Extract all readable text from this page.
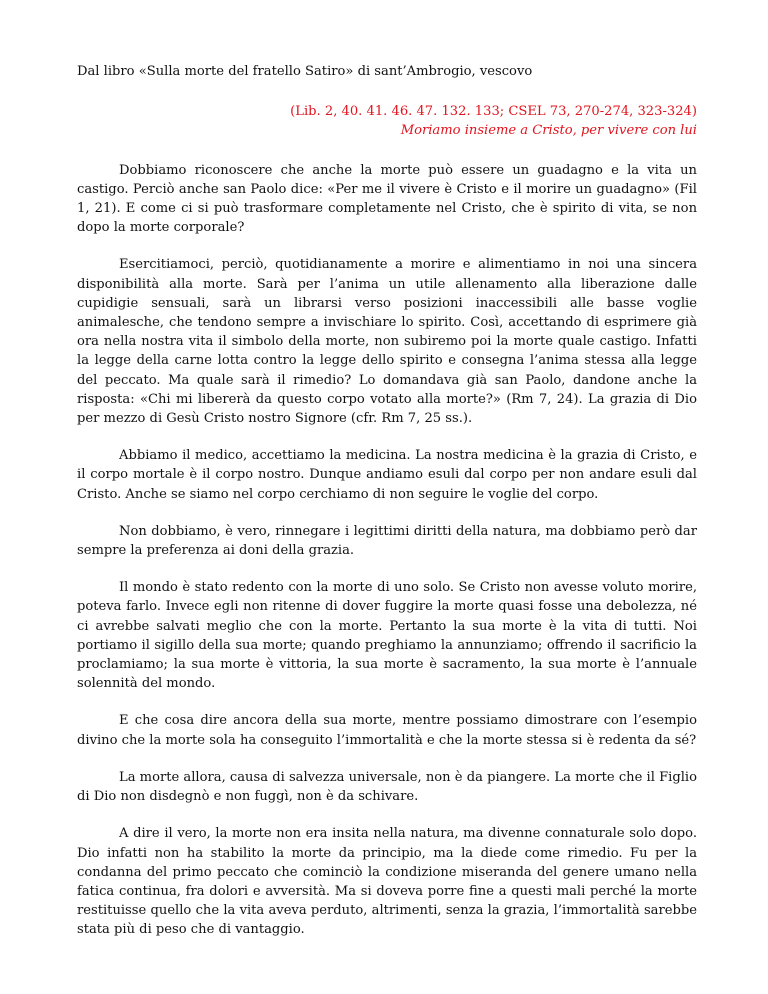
Dal libro «Sulla morte del fratello Satiro» di sant’Ambrogio, vescovo

(Lib. 2, 40. 41. 46. 47. 132. 133; CSEL 73, 270-274, 323-324)
Moriamo insieme a Cristo, per vivere con lui

Dobbiamo riconoscere che anche la morte può essere un guadagno e la vita un castigo. Perciò anche san Paolo dice: «Per me il vivere è Cristo e il morire un guadagno» (Fil 1, 21). E come ci si può trasformare completamente nel Cristo, che è spirito di vita, se non dopo la morte corporale?

Esercitiamoci, perciò, quotidianamente a morire e alimentiamo in noi una sincera disponibilità alla morte. Sarà per l’anima un utile allenamento alla liberazione dalle cupidigie sensuali, sarà un librarsi verso posizioni inaccessibili alle basse voglie animalesche, che tendono sempre a invischiare lo spirito. Così, accettando di esprimere già ora nella nostra vita il simbolo della morte, non subiremo poi la morte quale castigo. Infatti la legge della carne lotta contro la legge dello spirito e consegna l’anima stessa alla legge del peccato. Ma quale sarà il rimedio? Lo domandava già san Paolo, dandone anche la risposta: «Chi mi libererà da questo corpo votato alla morte?» (Rm 7, 24). La grazia di Dio per mezzo di Gesù Cristo nostro Signore (cfr. Rm 7, 25 ss.).

Abbiamo il medico, accettiamo la medicina. La nostra medicina è la grazia di Cristo, e il corpo mortale è il corpo nostro. Dunque andiamo esuli dal corpo per non andare esuli dal Cristo. Anche se siamo nel corpo cerchiamo di non seguire le voglie del corpo.

Non dobbiamo, è vero, rinnegare i legittimi diritti della natura, ma dobbiamo però dar sempre la preferenza ai doni della grazia.

Il mondo è stato redento con la morte di uno solo. Se Cristo non avesse voluto morire, poteva farlo. Invece egli non ritenne di dover fuggire la morte quasi fosse una debolezza, né ci avrebbe salvati meglio che con la morte. Pertanto la sua morte è la vita di tutti. Noi portiamo il sigillo della sua morte; quando preghiamo la annunziamo; offrendo il sacrificio la proclamiamo; la sua morte è vittoria, la sua morte è sacramento, la sua morte è l’annuale solennità del mondo.

E che cosa dire ancora della sua morte, mentre possiamo dimostrare con l’esempio divino che la morte sola ha conseguito l’immortalità e che la morte stessa si è redenta da sé?

La morte allora, causa di salvezza universale, non è da piangere. La morte che il Figlio di Dio non disdegnò e non fuggì, non è da schivare.

A dire il vero, la morte non era insita nella natura, ma divenne connaturale solo dopo. Dio infatti non ha stabilito la morte da principio, ma la diede come rimedio. Fu per la condanna del primo peccato che cominciò la condizione miseranda del genere umano nella fatica continua, fra dolori e avversità. Ma si doveva porre fine a questi mali perché la morte restituisse quello che la vita aveva perduto, altrimenti, senza la grazia, l’immortalità sarebbe stata più di peso che di vantaggio.
